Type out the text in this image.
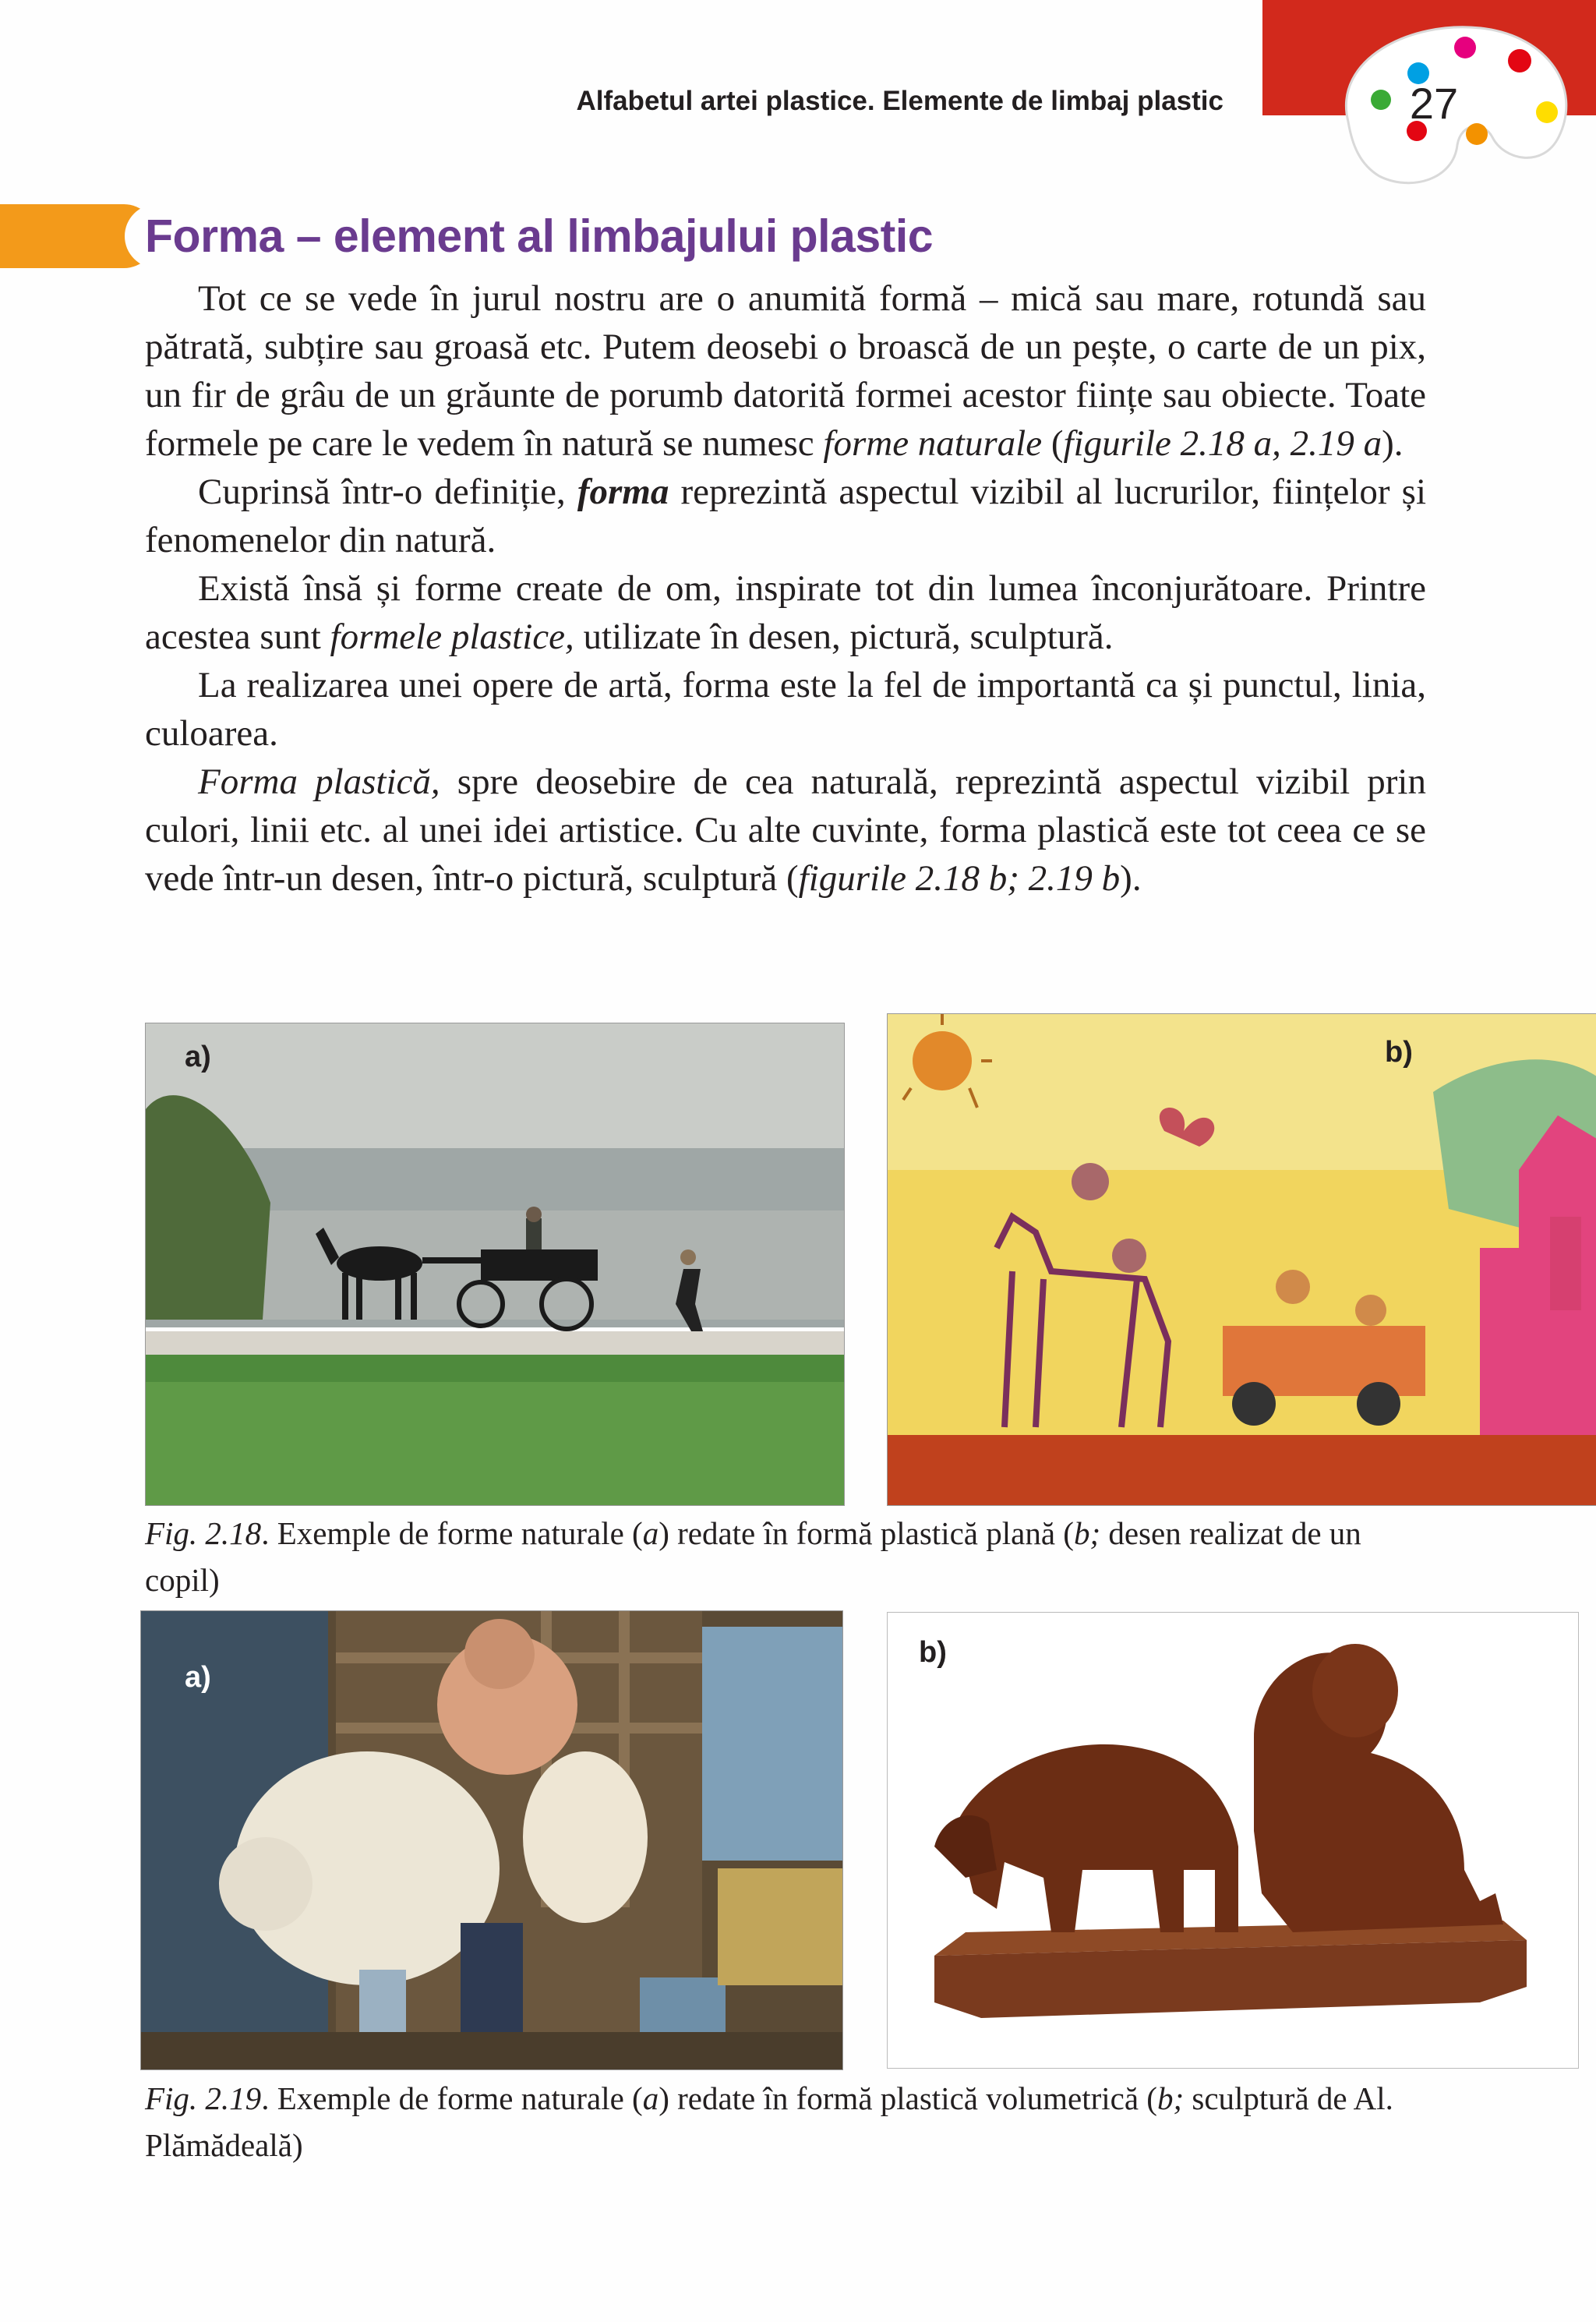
Alfabetul artei plastice. Elemente de limbaj plastic	27
Forma – element al limbajului plastic

Tot ce se vede în jurul nostru are o anumită formă – mică sau mare, rotundă sau pătrată, subțire sau groasă etc. Putem deosebi o broască de un pește, o carte de un pix, un fir de grâu de un grăunte de porumb datorită formei acestor ființe sau obiecte. Toate formele pe care le vedem în natură se numesc forme naturale (figurile 2.18 a, 2.19 a).

Cuprinsă într-o definiție, forma reprezintă aspectul vizibil al lucrurilor, ființelor și fenomenelor din natură.

Există însă și forme create de om, inspirate tot din lumea înconjurătoare. Printre acestea sunt formele plastice, utilizate în desen, pictură, sculptură.

La realizarea unei opere de artă, forma este la fel de importantă ca și punctul, linia, culoarea.

Forma plastică, spre deosebire de cea naturală, reprezintă aspectul vizibil prin culori, linii etc. al unei idei artistice. Cu alte cuvinte, forma plastică este tot ceea ce se vede într-un desen, într-o pictură, sculptură (figurile 2.18 b; 2.19 b).

a)	b)
Fig. 2.18. Exemple de forme naturale (a) redate în formă plastică plană (b; desen realizat de un copil)
a)
b)
Fig. 2.19. Exemple de forme naturale (a) redate în formă plastică volumetrică (b; sculptură de Al. Plămădeală)
